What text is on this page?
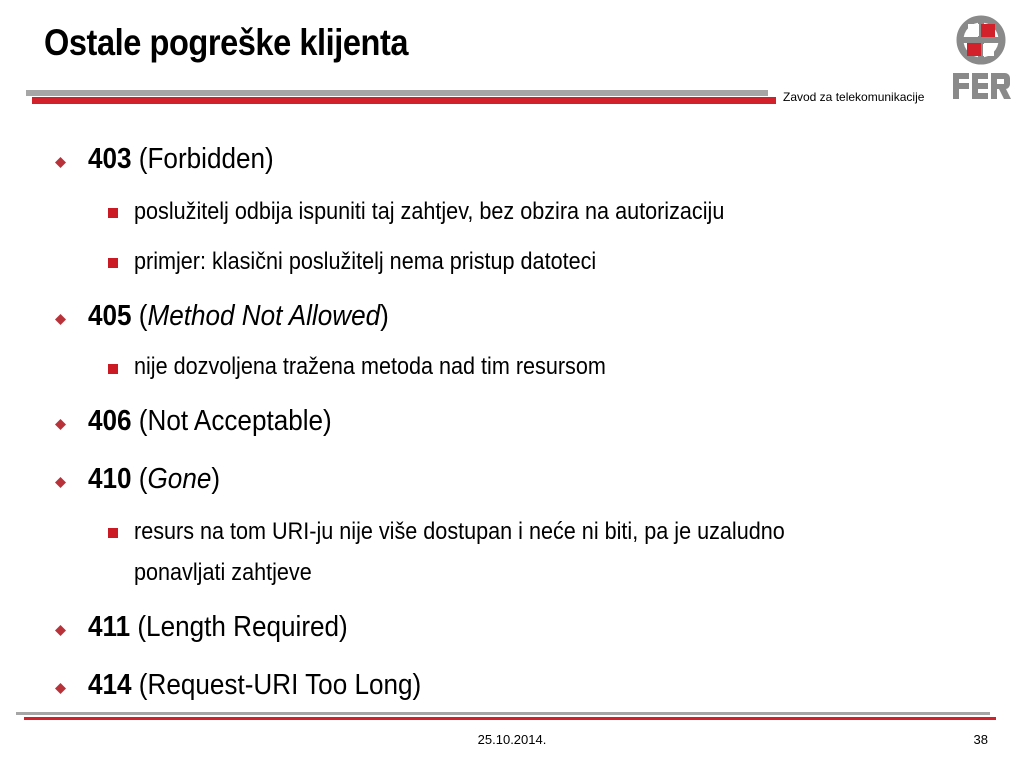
Ostale pogreške klijenta
Zavod za telekomunikacije
403 (Forbidden)
poslužitelj odbija ispuniti taj zahtjev, bez obzira na autorizaciju
primjer: klasični poslužitelj nema pristup datoteci
405 (Method Not Allowed)
nije dozvoljena tražena metoda nad tim resursom
406 (Not Acceptable)
410 (Gone)
resurs na tom URI-ju nije više dostupan i neće ni biti, pa je uzaludno
ponavljati zahtjeve
411 (Length Required)
414 (Request-URI Too Long)
25.10.2014.	38
